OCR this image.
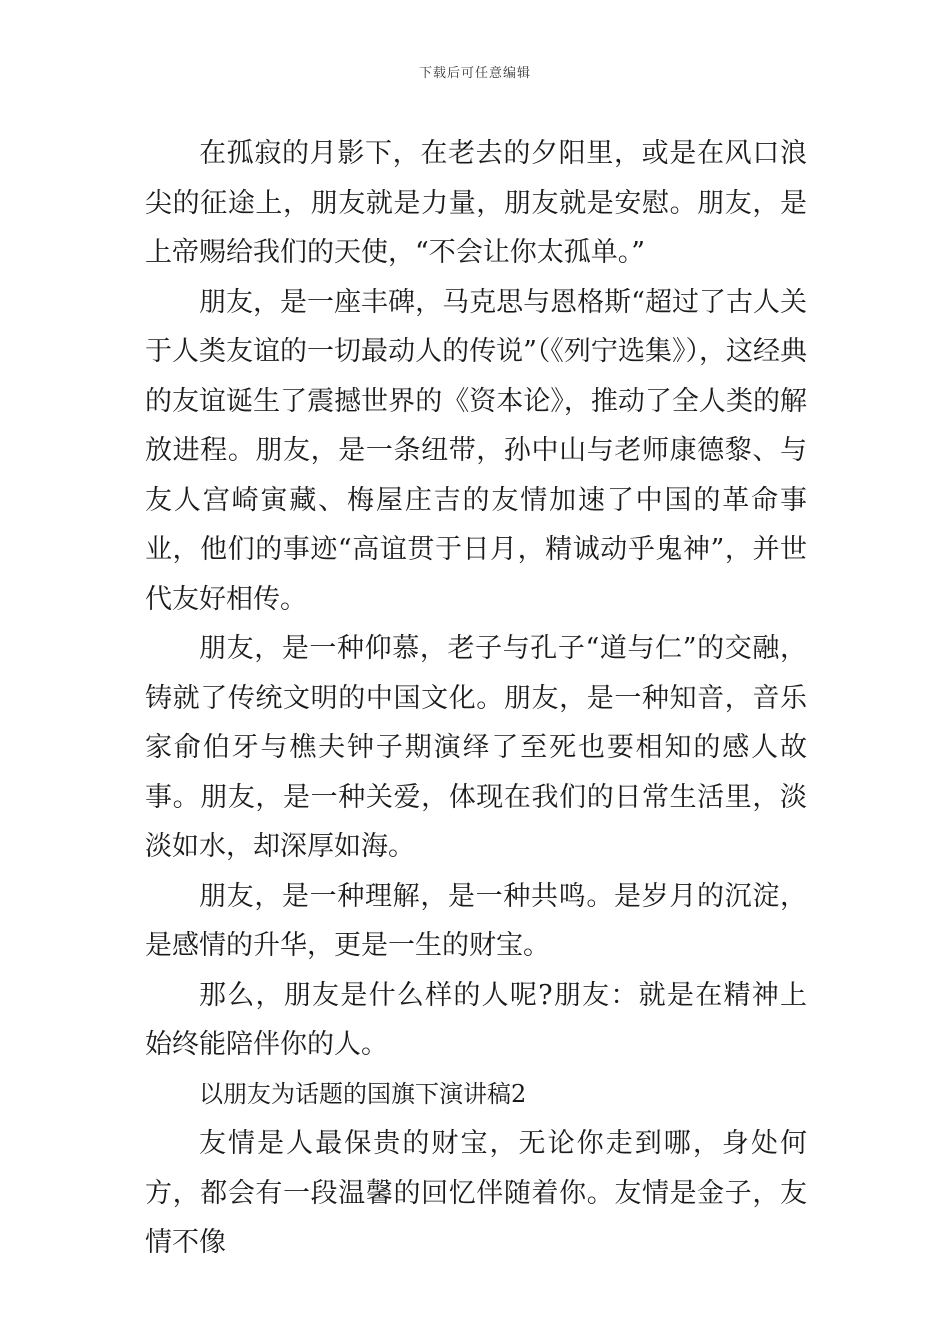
下载后可任意编辑

在孤寂的月影下，在老去的夕阳里，或是在风口浪尖的征途上，朋友就是力量，朋友就是安慰。朋友，是上帝赐给我们的天使，“不会让你太孤单。”

朋友，是一座丰碑，马克思与恩格斯“超过了古人关于人类友谊的一切最动人的传说”（《列宁选集》），这经典的友谊诞生了震撼世界的《资本论》，推动了全人类的解放进程。朋友，是一条纽带，孙中山与老师康德黎、与友人宫崎寅藏、梅屋庄吉的友情加速了中国的革命事业，他们的事迹“高谊贯于日月，精诚动乎鬼神”，并世代友好相传。

朋友，是一种仰慕，老子与孔子“道与仁”的交融，铸就了传统文明的中国文化。朋友，是一种知音，音乐家俞伯牙与樵夫钟子期演绎了至死也要相知的感人故事。朋友，是一种关爱，体现在我们的日常生活里，淡淡如水，却深厚如海。

朋友，是一种理解，是一种共鸣。是岁月的沉淀，是感情的升华，更是一生的财宝。

那么，朋友是什么样的人呢?朋友：就是在精神上始终能陪伴你的人。

以朋友为话题的国旗下演讲稿2

友情是人最保贵的财宝，无论你走到哪，身处何方，都会有一段温馨的回忆伴随着你。友情是金子，友情不像
